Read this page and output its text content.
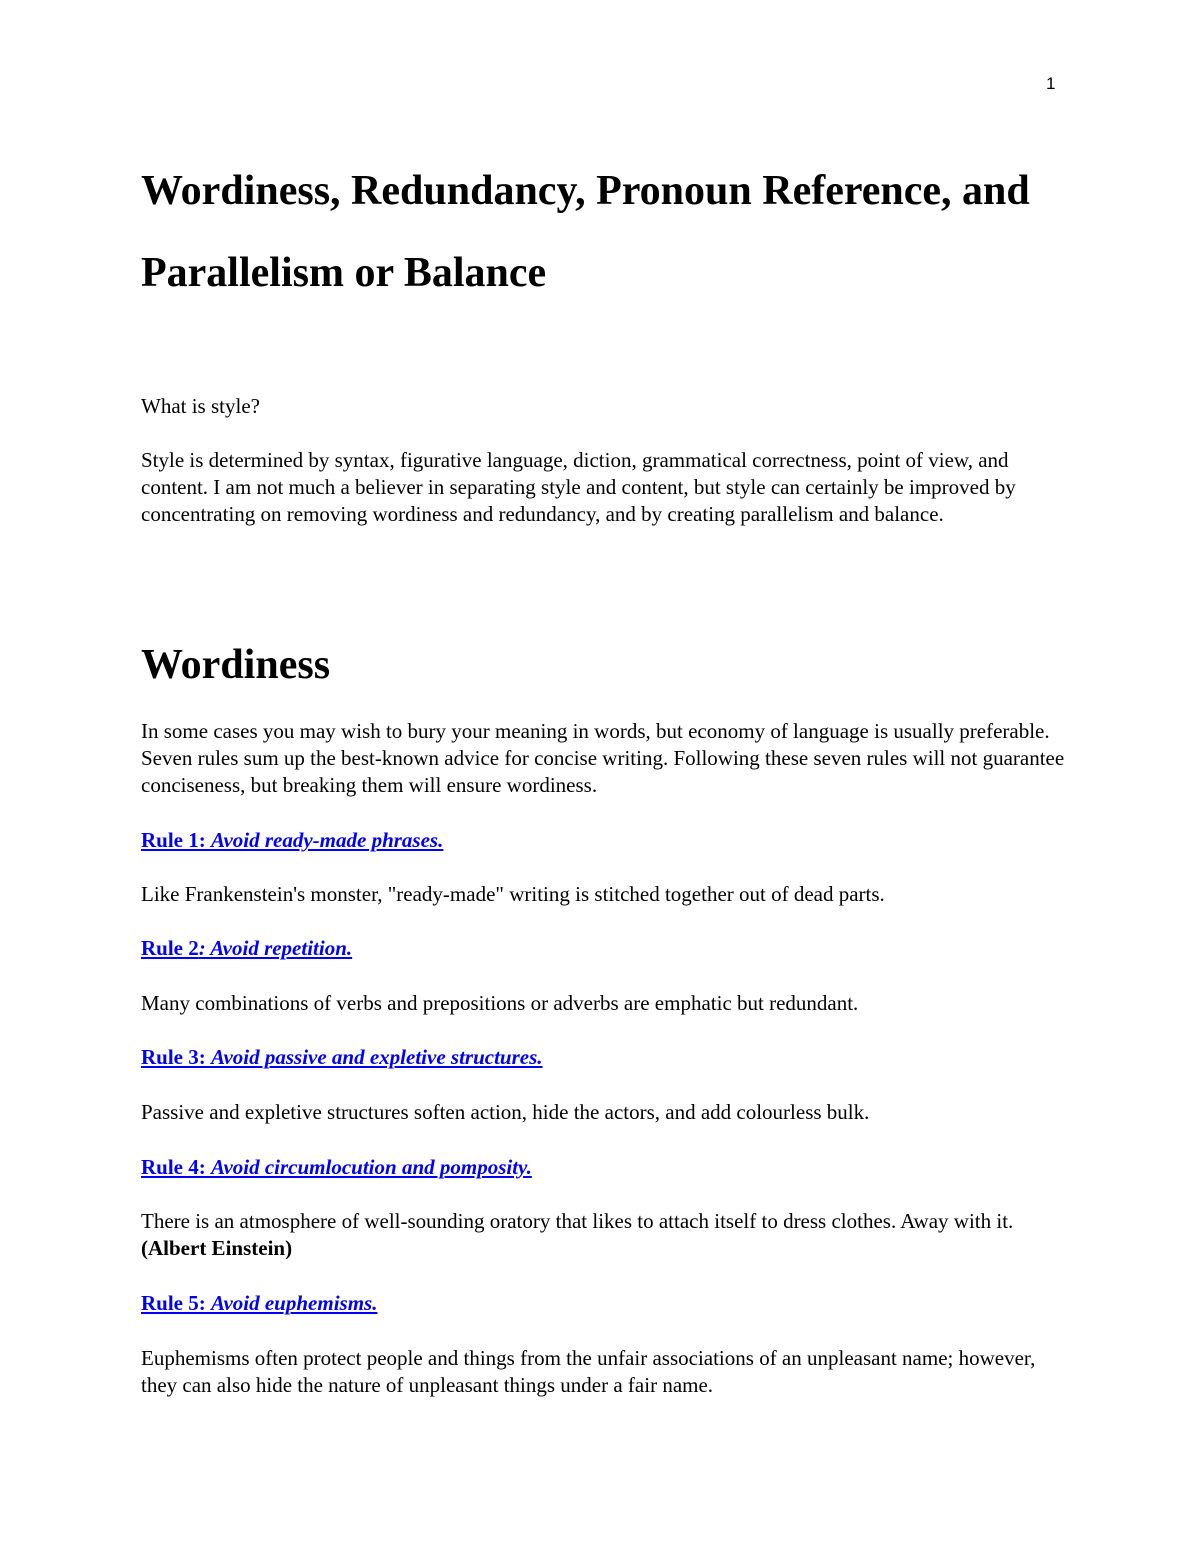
1
Wordiness, Redundancy, Pronoun Reference, and Parallelism or Balance

What is style?

Style is determined by syntax, figurative language, diction, grammatical correctness, point of view, and content. I am not much a believer in separating style and content, but style can certainly be improved by concentrating on removing wordiness and redundancy, and by creating parallelism and balance.

Wordiness

In some cases you may wish to bury your meaning in words, but economy of language is usually preferable. Seven rules sum up the best-known advice for concise writing. Following these seven rules will not guarantee conciseness, but breaking them will ensure wordiness.

Rule 1: Avoid ready-made phrases.

Like Frankenstein's monster, "ready-made" writing is stitched together out of dead parts.

Rule 2: Avoid repetition.

Many combinations of verbs and prepositions or adverbs are emphatic but redundant.

Rule 3: Avoid passive and expletive structures.

Passive and expletive structures soften action, hide the actors, and add colourless bulk.

Rule 4: Avoid circumlocution and pomposity.

There is an atmosphere of well-sounding oratory that likes to attach itself to dress clothes. Away with it. (Albert Einstein)

Rule 5: Avoid euphemisms.

Euphemisms often protect people and things from the unfair associations of an unpleasant name; however, they can also hide the nature of unpleasant things under a fair name.
